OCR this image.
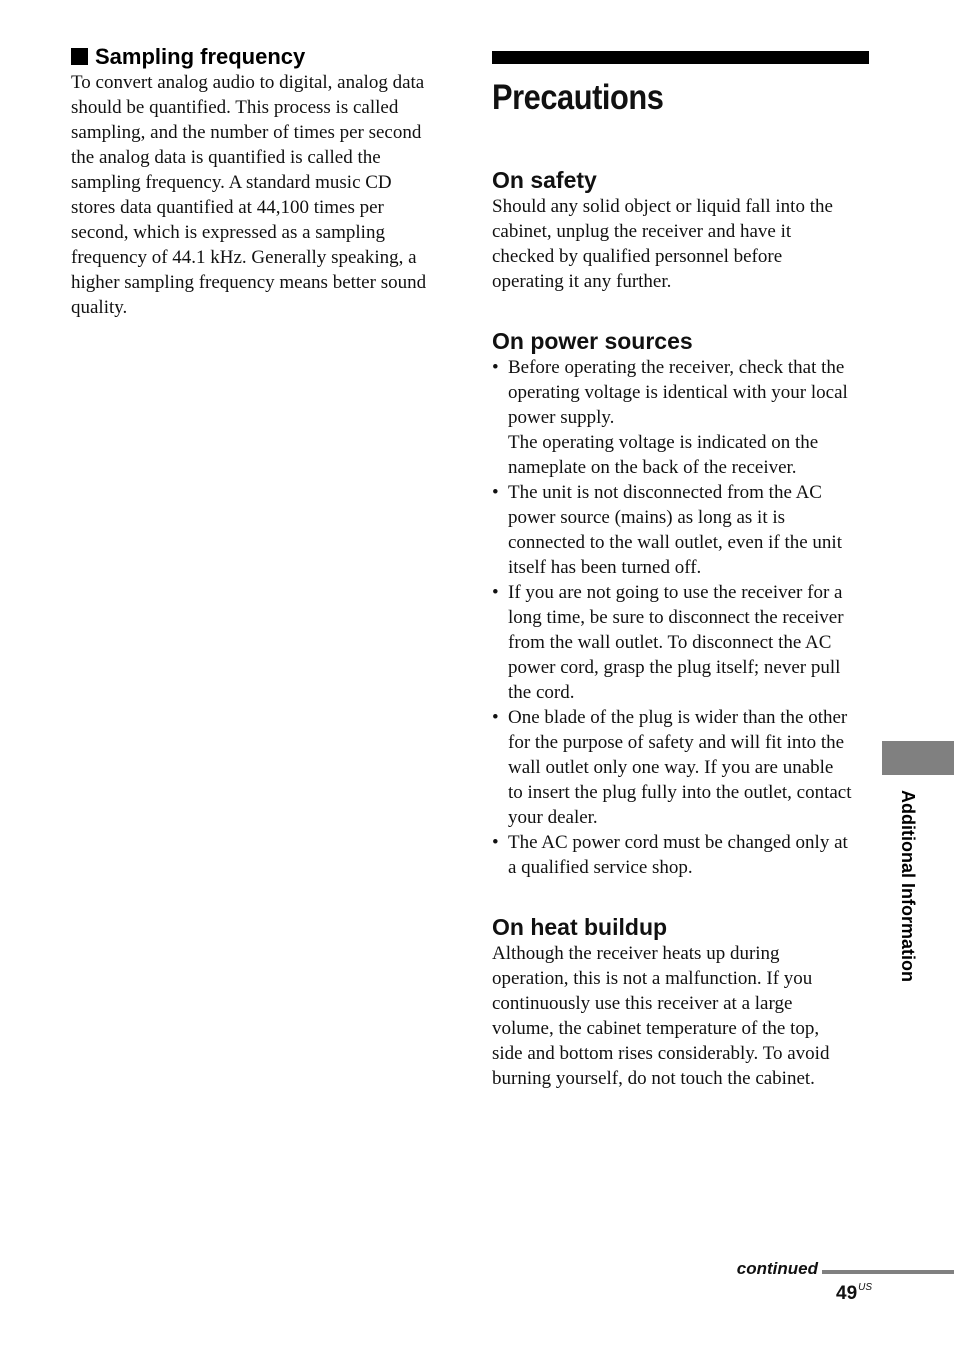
Sampling frequency
To convert analog audio to digital, analog data
should be quantified. This process is called
sampling, and the number of times per second
the analog data is quantified is called the
sampling frequency. A standard music CD
stores data quantified at 44,100 times per
second, which is expressed as a sampling
frequency of 44.1 kHz. Generally speaking, a
higher sampling frequency means better sound
quality.
Precautions
On safety
Should any solid object or liquid fall into the
cabinet, unplug the receiver and have it
checked by qualified personnel before
operating it any further.
On power sources
• Before operating the receiver, check that the
operating voltage is identical with your local
power supply.
The operating voltage is indicated on the
nameplate on the back of the receiver.
• The unit is not disconnected from the AC
power source (mains) as long as it is
connected to the wall outlet, even if the unit
itself has been turned off.
• If you are not going to use the receiver for a
long time, be sure to disconnect the receiver
from the wall outlet. To disconnect the AC
power cord, grasp the plug itself; never pull
the cord.
• One blade of the plug is wider than the other
for the purpose of safety and will fit into the
wall outlet only one way. If you are unable
to insert the plug fully into the outlet, contact
your dealer.
• The AC power cord must be changed only at
a qualified service shop.
On heat buildup
Although the receiver heats up during
operation, this is not a malfunction. If you
continuously use this receiver at a large
volume, the cabinet temperature of the top,
side and bottom rises considerably. To avoid
burning yourself, do not touch the cabinet.
Additional Information
continued
$49^{US}$
